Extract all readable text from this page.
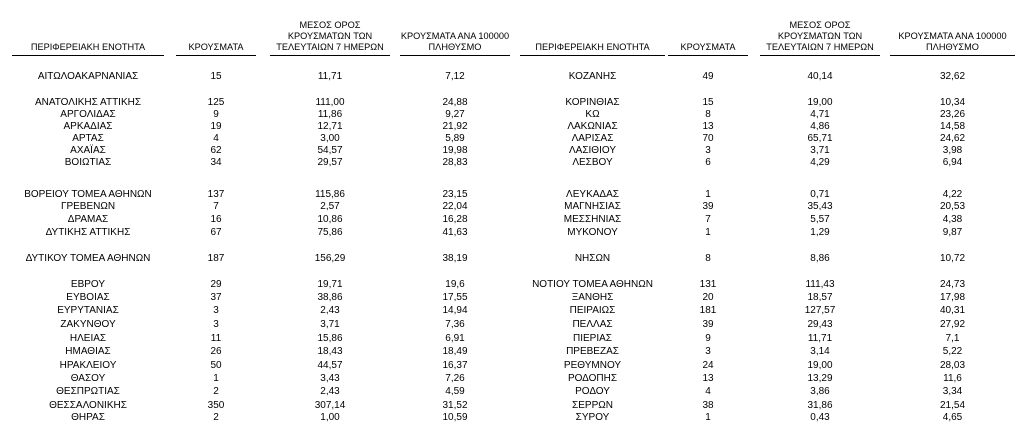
ΠΕΡΙΦΕΡΕΙΑΚΗ ΕΝΟΤΗΤΑ	ΚΡΟΥΣΜΑΤΑ
ΜΕΣΟΣ ΟΡΟΣ
ΚΡΟΥΣΜΑΤΩΝ ΤΩΝ
ΤΕΛΕΥΤΑΙΩΝ 7 ΗΜΕΡΩΝ
ΚΡΟΥΣΜΑΤΑ ΑΝΑ 100000
ΠΛΗΘΥΣΜΟ	ΠΕΡΙΦΕΡΕΙΑΚΗ ΕΝΟΤΗΤΑ	ΚΡΟΥΣΜΑΤΑ
ΜΕΣΟΣ ΟΡΟΣ
ΚΡΟΥΣΜΑΤΩΝ ΤΩΝ
ΤΕΛΕΥΤΑΙΩΝ 7 ΗΜΕΡΩΝ
ΚΡΟΥΣΜΑΤΑ ΑΝΑ 100000
ΠΛΗΘΥΣΜΟ
ΑΙΤΩΛΟΑΚΑΡΝΑΝΙΑΣ	15	11,71	7,12	ΚΟΖΑΝΗΣ	49	40,14	32,62
ΑΝΑΤΟΛΙΚΗΣ ΑΤΤΙΚΗΣ	125	111,00	24,88	ΚΟΡΙΝΘΙΑΣ	15	19,00	10,34
ΑΡΓΟΛΙΔΑΣ	9	11,86	9,27	ΚΩ	8	4,71	23,26
ΑΡΚΑΔΙΑΣ	19	12,71	21,92	ΛΑΚΩΝΙΑΣ	13	4,86	14,58
ΑΡΤΑΣ	4	3,00	5,89	ΛΑΡΙΣΑΣ	70	65,71	24,62
ΑΧΑΪΑΣ	62	54,57	19,98	ΛΑΣΙΘΙΟΥ	3	3,71	3,98
ΒΟΙΩΤΙΑΣ	34	29,57	28,83	ΛΕΣΒΟΥ	6	4,29	6,94
ΒΟΡΕΙΟΥ ΤΟΜΕΑ ΑΘΗΝΩΝ	137	115,86	23,15	ΛΕΥΚΑΔΑΣ	1	0,71	4,22
ΓΡΕΒΕΝΩΝ	7	2,57	22,04	ΜΑΓΝΗΣΙΑΣ	39	35,43	20,53
ΔΡΑΜΑΣ	16	10,86	16,28	ΜΕΣΣΗΝΙΑΣ	7	5,57	4,38
ΔΥΤΙΚΗΣ ΑΤΤΙΚΗΣ	67	75,86	41,63	ΜΥΚΟΝΟΥ	1	1,29	9,87
ΔΥΤΙΚΟΥ ΤΟΜΕΑ ΑΘΗΝΩΝ	187	156,29	38,19	ΝΗΣΩΝ	8	8,86	10,72
ΕΒΡΟΥ	29	19,71	19,6	ΝΟΤΙΟΥ ΤΟΜΕΑ ΑΘΗΝΩΝ	131	111,43	24,73
ΕΥΒΟΙΑΣ	37	38,86	17,55	ΞΑΝΘΗΣ	20	18,57	17,98
ΕΥΡΥΤΑΝΙΑΣ	3	2,43	14,94	ΠΕΙΡΑΙΩΣ	181	127,57	40,31
ΖΑΚΥΝΘΟΥ	3	3,71	7,36	ΠΕΛΛΑΣ	39	29,43	27,92
ΗΛΕΙΑΣ	11	15,86	6,91	ΠΙΕΡΙΑΣ	9	11,71	7,1
ΗΜΑΘΙΑΣ	26	18,43	18,49	ΠΡΕΒΕΖΑΣ	3	3,14	5,22
ΗΡΑΚΛΕΙΟΥ	50	44,57	16,37	ΡΕΘΥΜΝΟΥ	24	19,00	28,03
ΘΑΣΟΥ	1	3,43	7,26	ΡΟΔΟΠΗΣ	13	13,29	11,6
ΘΕΣΠΡΩΤΙΑΣ	2	2,43	4,59	ΡΟΔΟΥ	4	3,86	3,34
ΘΕΣΣΑΛΟΝΙΚΗΣ	350	307,14	31,52	ΣΕΡΡΩΝ	38	31,86	21,54
ΘΗΡΑΣ	2	1,00	10,59	ΣΥΡΟΥ	1	0,43	4,65
